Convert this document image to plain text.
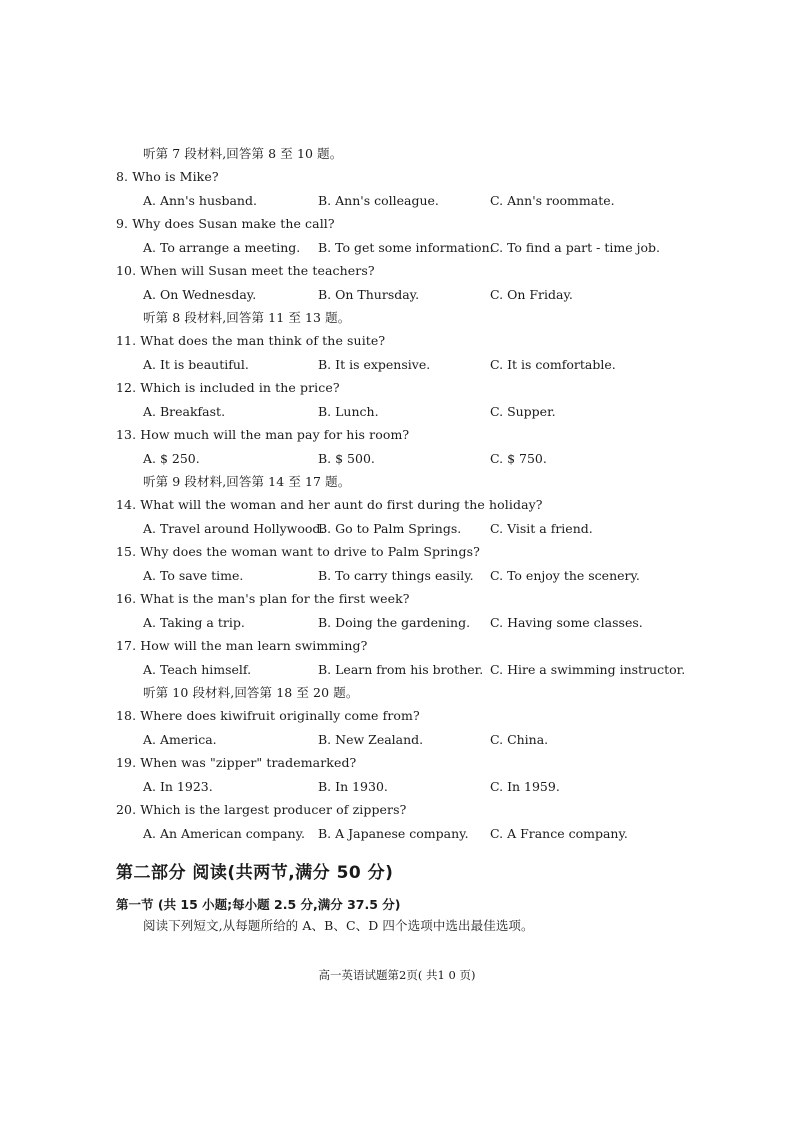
听第 7 段材料,回答第 8 至 10 题。
8. Who is Mike?
A. Ann's husband.	B. Ann's colleague.	C. Ann's roommate.
9. Why does Susan make the call?
A. To arrange a meeting. B. To get some information.
C. To find a part - time job.
10. When will Susan meet the teachers?
A. On Wednesday.	B. On Thursday.	C. On Friday.
听第 8 段材料,回答第 11 至 13 题。
11. What does the man think of the suite?
A. It is beautiful.	B. It is expensive.	C. It is comfortable.
12. Which is included in the price?
A. Breakfast.	B. Lunch.	C. Supper.
13. How much will the man pay for his room?
A. $ 250.	B. $ 500.	C. $ 750.
听第 9 段材料,回答第 14 至 17 题。
14. What will the woman and her aunt do first during the holiday?
A. Travel around Hollywood.
B. Go to Palm Springs. C. Visit a friend.
15. Why does the woman want to drive to Palm Springs?
A. To save time.	B. To carry things easily. C. To enjoy the scenery.
16. What is the man's plan for the first week?
A. Taking a trip.	B. Doing the gardening. C. Having some classes.
17. How will the man learn swimming?
A. Teach himself.	B. Learn from his brother. C. Hire a swimming instructor.
听第 10 段材料,回答第 18 至 20 题。
18. Where does kiwifruit originally come from?
A. America.	B. New Zealand.	C. China.
19. When was "zipper" trademarked?
A. In 1923.	B. In 1930.	C. In 1959.
20. Which is the largest producer of zippers?
A. An American company. B. A Japanese company. C. A France company.
第二部分 阅读(共两节,满分 50 分)
第一节 (共 15 小题;每小题 2.5 分,满分 37.5 分)
阅读下列短文,从每题所给的 A、B、C、D 四个选项中选出最佳选项。
高一英语试题第2页( 共1 0 页)
